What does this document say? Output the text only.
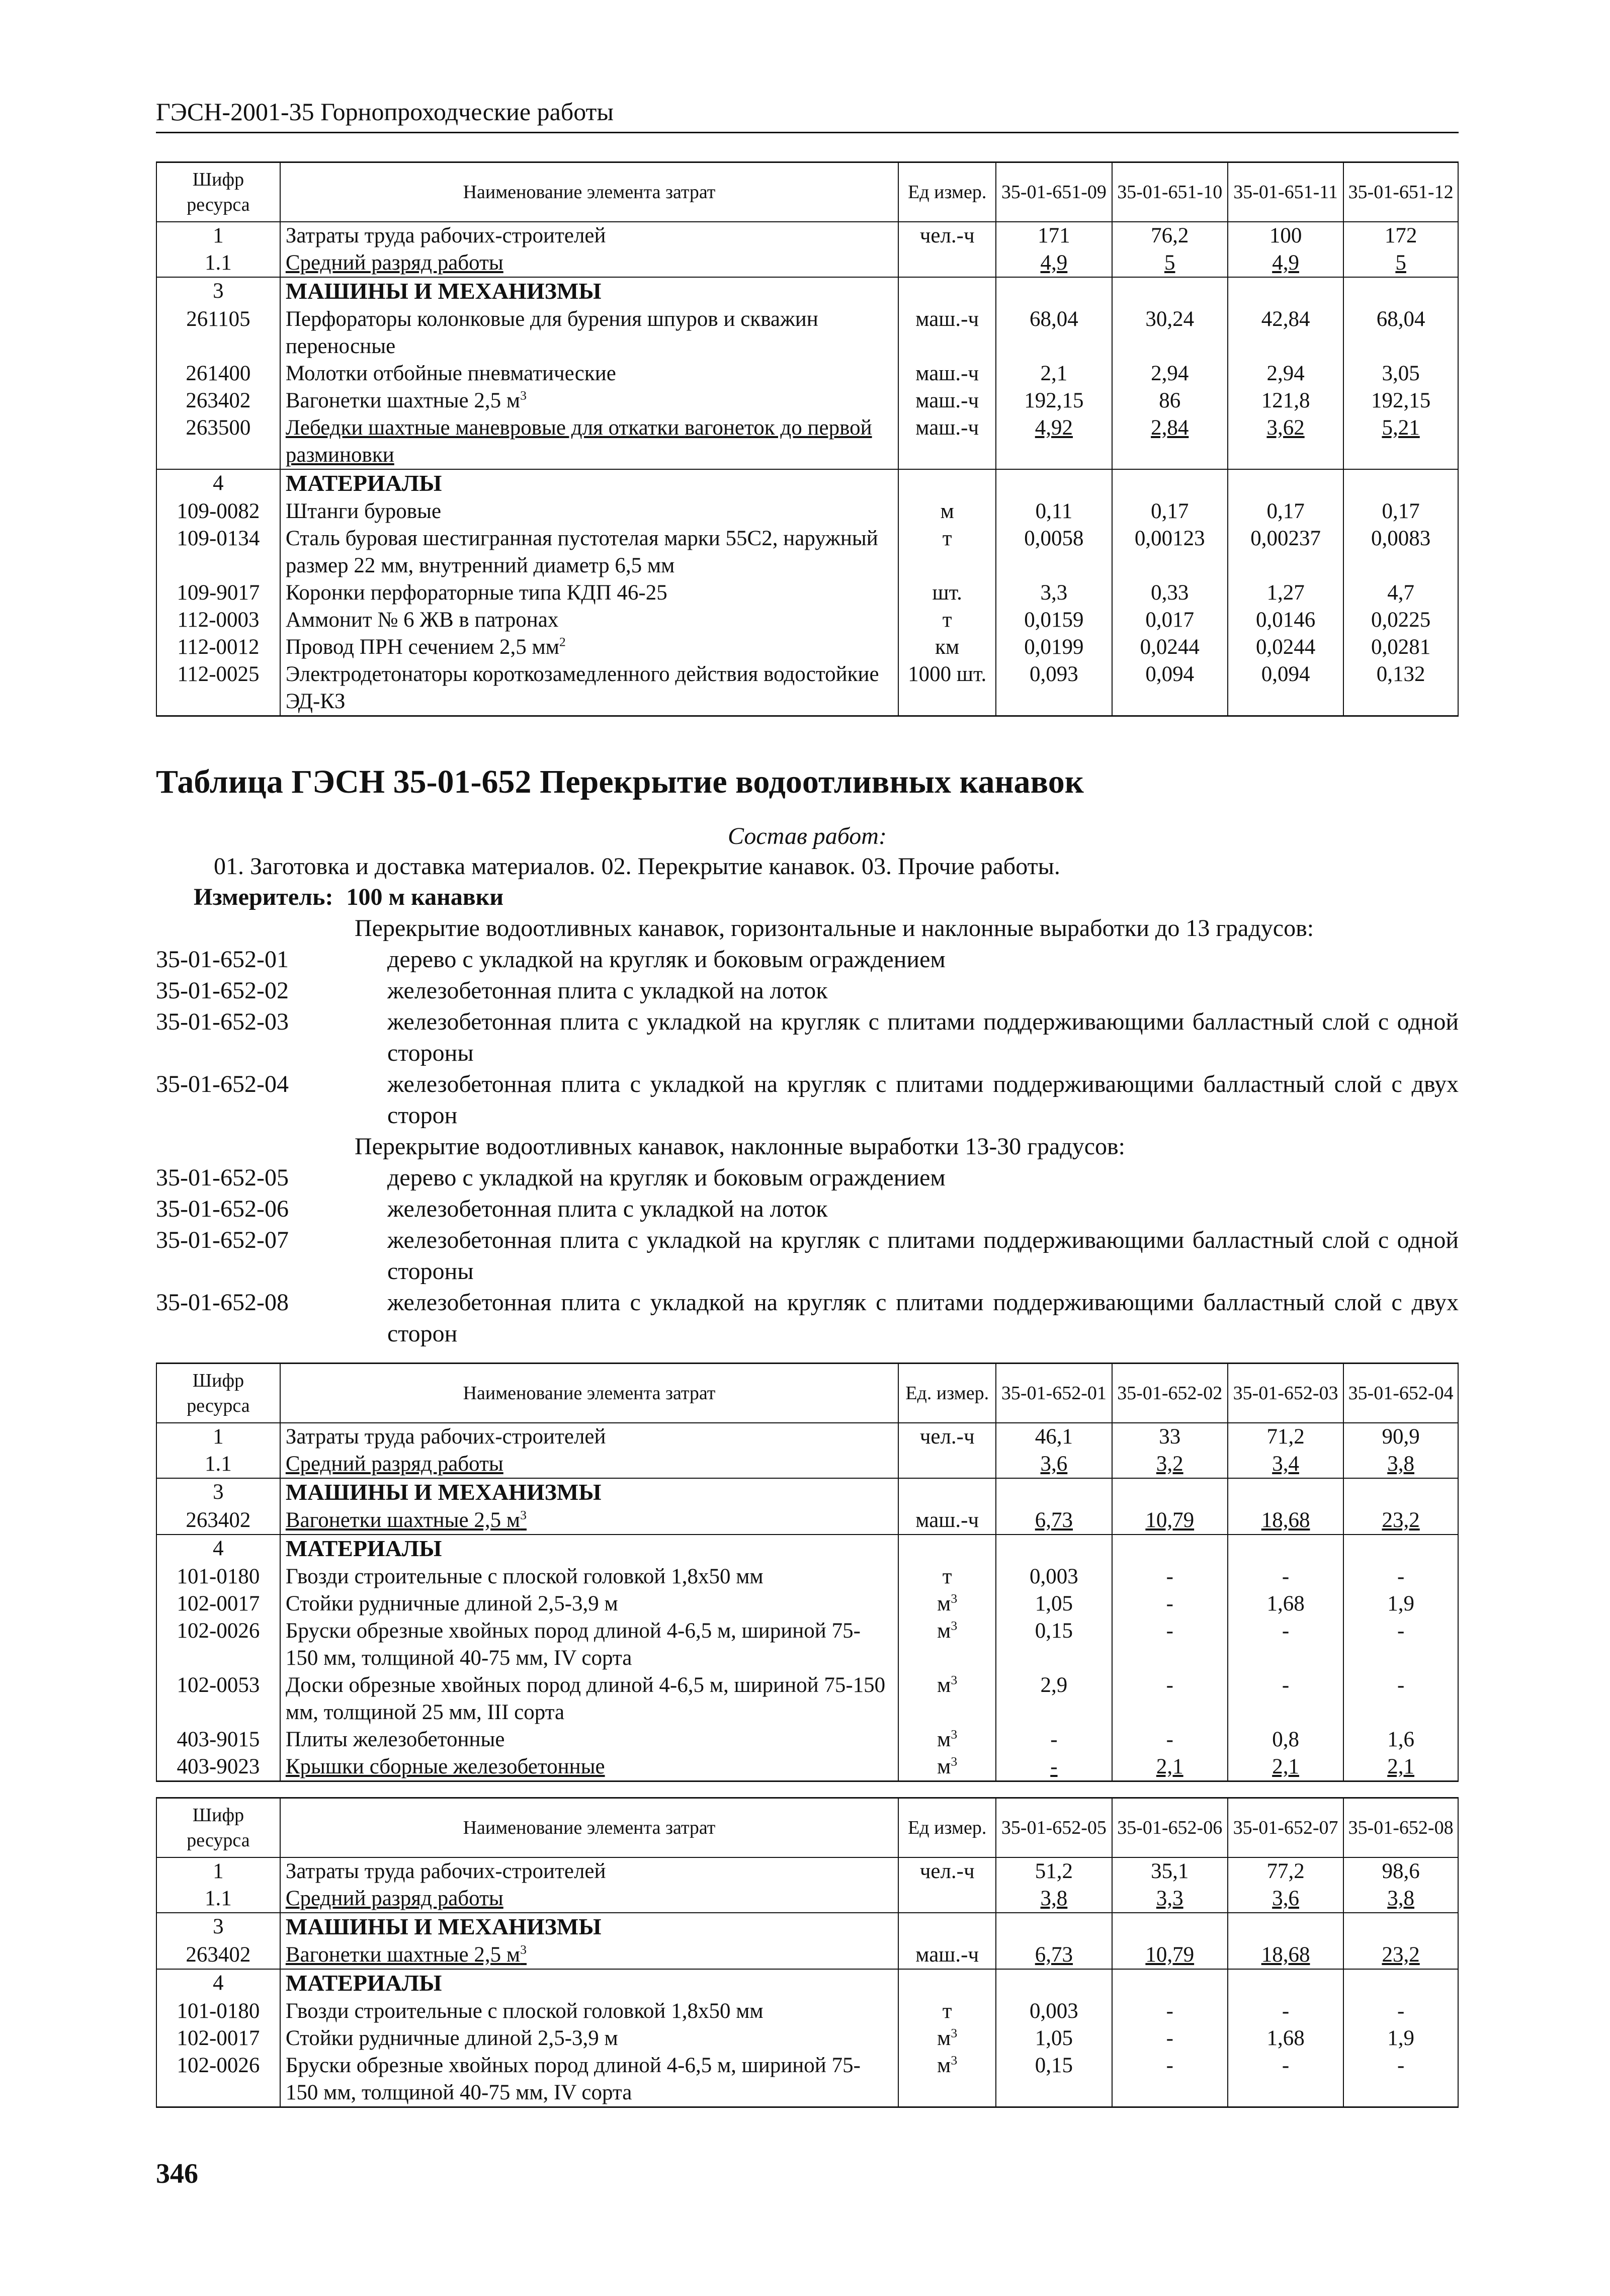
ГЭСН-2001-35 Горнопроходческие работы
Шифр ресурса	Наименование элемента затрат	Ед измер.	35-01-651-09	35-01-651-10	35-01-651-11	35-01-651-12
1	Затраты труда рабочих-строителей	чел.-ч	171	76,2	100	172
1.1	Средний разряд работы		4,9	5	4,9	5
3	МАШИНЫ И МЕХАНИЗМЫ					
261105	Перфораторы колонковые для бурения шпуров и скважин переносные	маш.-ч	68,04	30,24	42,84	68,04
261400	Молотки отбойные пневматические	маш.-ч	2,1	2,94	2,94	3,05
263402	Вагонетки шахтные 2,5 $м^3$	маш.-ч	192,15	86	121,8	192,15
263500	Лебедки шахтные маневровые для откатки вагонеток до первой разминовки	маш.-ч	4,92	2,84	3,62	5,21
4	МАТЕРИАЛЫ					
109-0082	Штанги буровые	м	0,11	0,17	0,17	0,17
109-0134	Сталь буровая шестигранная пустотелая марки 55С2, наружный размер 22 мм, внутренний диаметр 6,5 мм	т	0,0058	0,00123	0,00237	0,0083
109-9017	Коронки перфораторные типа КДП 46-25	шт.	3,3	0,33	1,27	4,7
112-0003	Аммонит № 6 ЖВ в патронах	т	0,0159	0,017	0,0146	0,0225
112-0012	Провод ПРН сечением 2,5 $мм^2$	км	0,0199	0,0244	0,0244	0,0281
112-0025	Электродетонаторы короткозамедленного действия водостойкие ЭД-КЗ	1000 шт.	0,093	0,094	0,094	0,132
Таблица ГЭСН 35-01-652 Перекрытие водоотливных канавок
Состав работ:
01. Заготовка и доставка материалов. 02. Перекрытие канавок. 03. Прочие работы.
Измеритель: 100 м канавки
Перекрытие водоотливных канавок, горизонтальные и наклонные выработки до 13 градусов:
35-01-652-01	дерево с укладкой на кругляк и боковым ограждением
35-01-652-02	железобетонная плита с укладкой на лоток
35-01-652-03	железобетонная плита с укладкой на кругляк с плитами поддерживающими балластный слой с одной стороны
35-01-652-04	железобетонная плита с укладкой на кругляк с плитами поддерживающими балластный слой с двух сторон
Перекрытие водоотливных канавок, наклонные выработки 13-30 градусов:
35-01-652-05	дерево с укладкой на кругляк и боковым ограждением
35-01-652-06	железобетонная плита с укладкой на лоток
35-01-652-07	железобетонная плита с укладкой на кругляк с плитами поддерживающими балластный слой с одной стороны
35-01-652-08	железобетонная плита с укладкой на кругляк с плитами поддерживающими балластный слой с двух сторон
Шифр ресурса	Наименование элемента затрат	Ед. измер.	35-01-652-01	35-01-652-02	35-01-652-03	35-01-652-04
1	Затраты труда рабочих-строителей	чел.-ч	46,1	33	71,2	90,9
1.1	Средний разряд работы		3,6	3,2	3,4	3,8
3	МАШИНЫ И МЕХАНИЗМЫ					
263402	Вагонетки шахтные 2,5 $м^3$	маш.-ч	6,73	10,79	18,68	23,2
4	МАТЕРИАЛЫ					
101-0180	Гвозди строительные с плоской головкой 1,8x50 мм	т	0,003	-	-	-
102-0017	Стойки рудничные длиной 2,5-3,9 м	$м^3$	1,05	-	1,68	1,9
102-0026	Бруски обрезные хвойных пород длиной 4-6,5 м, шириной 75-150 мм, толщиной 40-75 мм, IV сорта	$м^3$	0,15	-	-	-
102-0053	Доски обрезные хвойных пород длиной 4-6,5 м, шириной 75-150 мм, толщиной 25 мм, III сорта	$м^3$	2,9	-	-	-
403-9015	Плиты железобетонные	$м^3$	-	-	0,8	1,6
403-9023	Крышки сборные железобетонные	$м^3$	-	2,1	2,1	2,1
Шифр ресурса	Наименование элемента затрат	Ед измер.	35-01-652-05	35-01-652-06	35-01-652-07	35-01-652-08
1	Затраты труда рабочих-строителей	чел.-ч	51,2	35,1	77,2	98,6
1.1	Средний разряд работы		3,8	3,3	3,6	3,8
3	МАШИНЫ И МЕХАНИЗМЫ					
263402	Вагонетки шахтные 2,5 $м^3$	маш.-ч	6,73	10,79	18,68	23,2
4	МАТЕРИАЛЫ					
101-0180	Гвозди строительные с плоской головкой 1,8x50 мм	т	0,003	-	-	-
102-0017	Стойки рудничные длиной 2,5-3,9 м	$м^3$	1,05	-	1,68	1,9
102-0026	Бруски обрезные хвойных пород длиной 4-6,5 м, шириной 75-150 мм, толщиной 40-75 мм, IV сорта	$м^3$	0,15	-	-	-
346
